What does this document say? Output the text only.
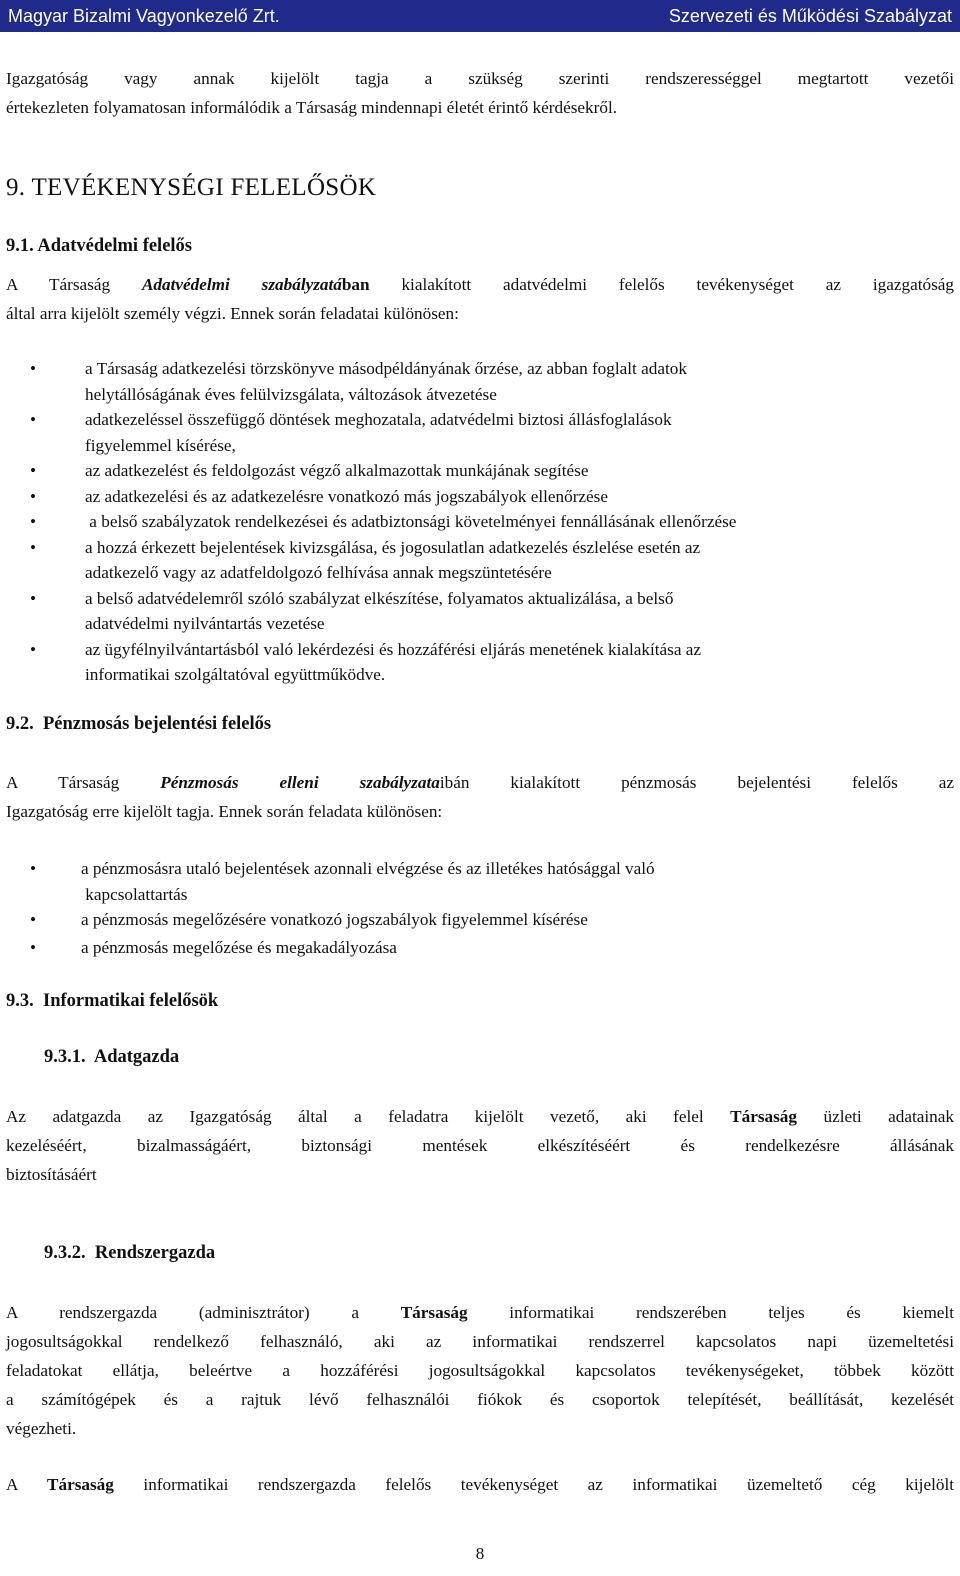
Magyar Bizalmi Vagyonkezelő Zrt.	Szervezeti és Működési Szabályzat
Igazgatóság vagy annak kijelölt tagja a szükség szerinti rendszerességgel megtartott vezetői
értekezleten folyamatosan informálódik a Társaság mindennapi életét érintő kérdésekről.
9. TEVÉKENYSÉGI FELELŐSÖK
9.1. Adatvédelmi felelős
A Társaság Adatvédelmi szabályzatában kialakított adatvédelmi felelős tevékenységet az igazgatóság
által arra kijelölt személy végzi. Ennek során feladatai különösen:
•	a Társaság adatkezelési törzskönyve másodpéldányának őrzése, az abban foglalt adatok
helytállóságának éves felülvizsgálata, változások átvezetése
•	adatkezeléssel összefüggő döntések meghozatala, adatvédelmi biztosi állásfoglalások
figyelemmel kísérése,
•	az adatkezelést és feldolgozást végző alkalmazottak munkájának segítése
•	az adatkezelési és az adatkezelésre vonatkozó más jogszabályok ellenőrzése
•	a belső szabályzatok rendelkezései és adatbiztonsági követelményei fennállásának ellenőrzése
•	a hozzá érkezett bejelentések kivizsgálása, és jogosulatlan adatkezelés észlelése esetén az
adatkezelő vagy az adatfeldolgozó felhívása annak megszüntetésére
•	a belső adatvédelemről szóló szabályzat elkészítése, folyamatos aktualizálása, a belső
adatvédelmi nyilvántartás vezetése
•	az ügyfélnyilvántartásból való lekérdezési és hozzáférési eljárás menetének kialakítása az
informatikai szolgáltatóval együttműködve.
9.2.  Pénzmosás bejelentési felelős
A Társaság Pénzmosás elleni szabályzataibán kialakított pénzmosás bejelentési felelős az
Igazgatóság erre kijelölt tagja. Ennek során feladata különösen:
•	a pénzmosásra utaló bejelentések azonnali elvégzése és az illetékes hatósággal való
kapcsolattartás
•	a pénzmosás megelőzésére vonatkozó jogszabályok figyelemmel kísérése
•	a pénzmosás megelőzése és megakadályozása
9.3.  Informatikai felelősök
9.3.1.  Adatgazda
Az adatgazda az Igazgatóság által a feladatra kijelölt vezető, aki felel Társaság üzleti adatainak
kezeléséért, bizalmasságáért, biztonsági mentések elkészítéséért és rendelkezésre állásának
biztosításáért
9.3.2.  Rendszergazda
A rendszergazda (adminisztrátor) a Társaság informatikai rendszerében teljes és kiemelt
jogosultságokkal rendelkező felhasználó, aki az informatikai rendszerrel kapcsolatos napi üzemeltetési
feladatokat ellátja, beleértve a hozzáférési jogosultságokkal kapcsolatos tevékenységeket, többek között
a számítógépek és a rajtuk lévő felhasználói fiókok és csoportok telepítését, beállítását, kezelését
végezheti.
A Társaság informatikai rendszergazda felelős tevékenységet az informatikai üzemeltető cég kijelölt
8
